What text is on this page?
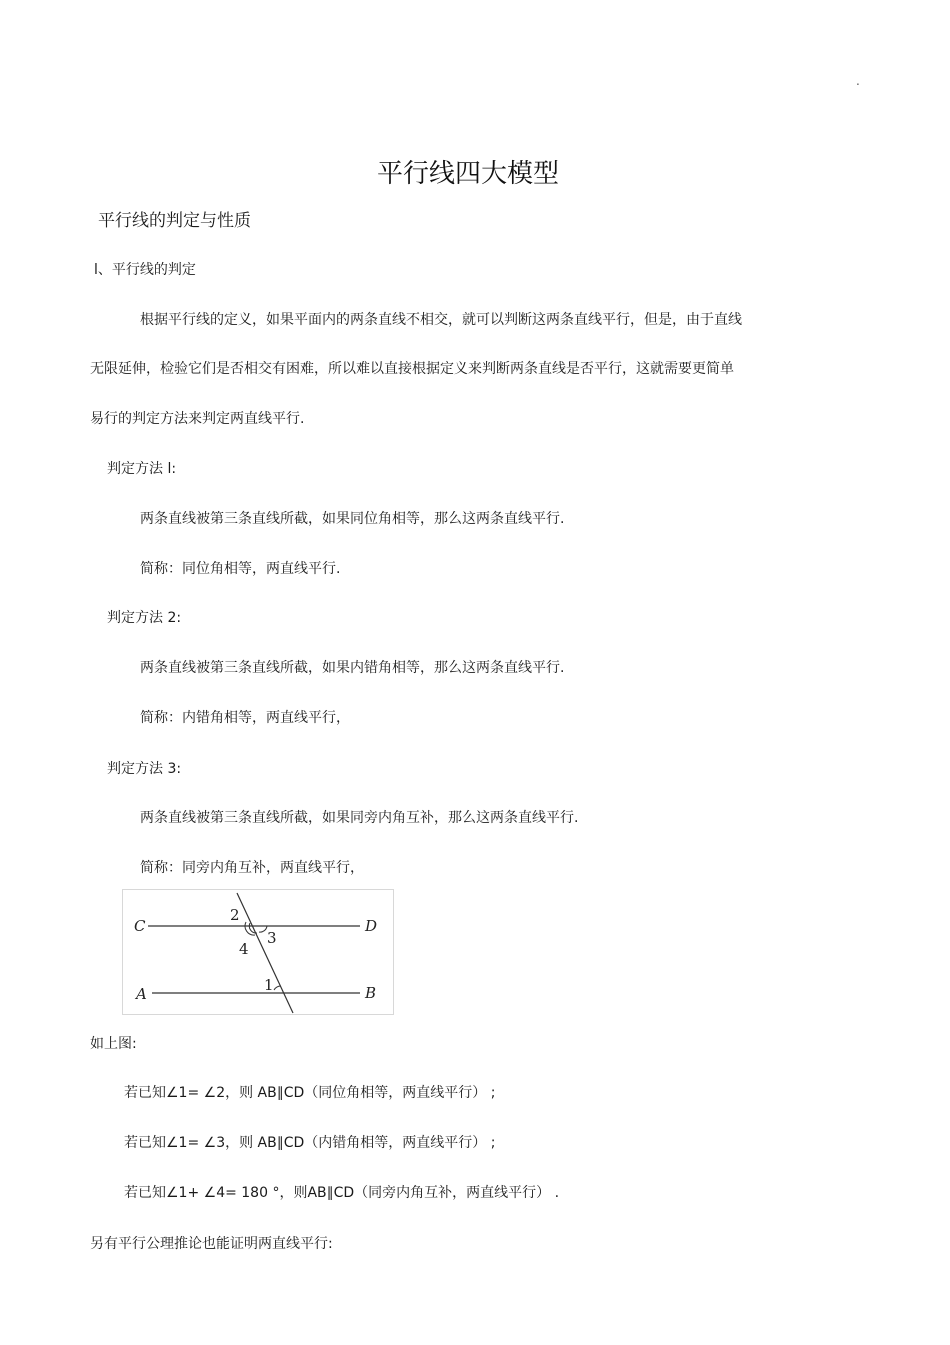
.
平行线四大模型
平行线的判定与性质
l、平行线的判定
根据平行线的定义，如果平面内的两条直线不相交，就可以判断这两条直线平行，但是，由于直线
无限延伸，检验它们是否相交有困难，所以难以直接根据定义来判断两条直线是否平行，这就需要更简单
易行的判定方法来判定两直线平行.
判定方法 l:
两条直线被第三条直线所截，如果同位角相等，那么这两条直线平行.
简称：同位角相等，两直线平行.
判定方法 2:
两条直线被第三条直线所截，如果内错角相等，那么这两条直线平行.
简称：内错角相等，两直线平行，
判定方法 3:
两条直线被第三条直线所截，如果同旁内角互补，那么这两条直线平行.
简称：同旁内角互补，两直线平行，
C	D
A	B
2
3
4
1
如上图:
若已知∠1= ∠2，则 AB∥CD（同位角相等，两直线平行） ;
若已知∠1= ∠3，则 AB∥CD（内错角相等，两直线平行） ;
若已知∠1+ ∠4= 180 °，则AB∥CD（同旁内角互补，两直线平行） .
另有平行公理推论也能证明两直线平行:
